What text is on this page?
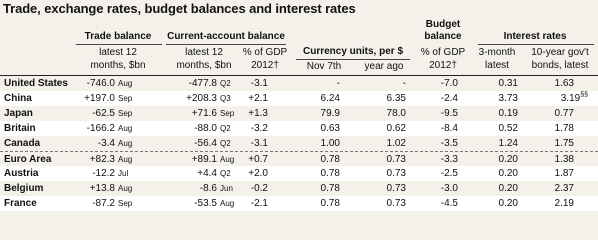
Trade, exchange rates, budget balances and interest rates
Trade balance
latest 12
months, $bn
Current-account balance
latest 12
months, $bn
% of GDP
2012†
Currency units, per $
Nov 7th	year ago
Budget
balance
% of GDP
2012†
Interest rates
3-month
latest
10-year gov't
bonds, latest
United States -746.0 Aug	-477.8 Q2	-3.1	-	-	-7.0	0.31	1.63
China	+197.0 Sep	+208.3 Q3	+2.1	6.24	6.35	-2.4	3.73	3.19§§
Japan	-62.5 Sep	+71.6 Sep	+1.3	79.9	78.0	-9.5	0.19	0.77
Britain	-166.2 Aug	-88.0 Q2	-3.2	0.63	0.62	-8.4	0.52	1.78
Canada	-3.4 Aug	-56.4 Q2	-3.1	1.00	1.02	-3.5	1.24	1.75
Euro Area	+82.3 Aug	+89.1 Aug	+0.7	0.78	0.73	-3.3	0.20	1.38
Austria	-12.2 Jul	+4.4 Q2	+2.0	0.78	0.73	-2.5	0.20	1.87
Belgium	+13.8 Aug	-8.6 Jun	-0.2	0.78	0.73	-3.0	0.20	2.37
France	-87.2 Sep	-53.5 Aug	-2.1	0.78	0.73	-4.5	0.20	2.19
